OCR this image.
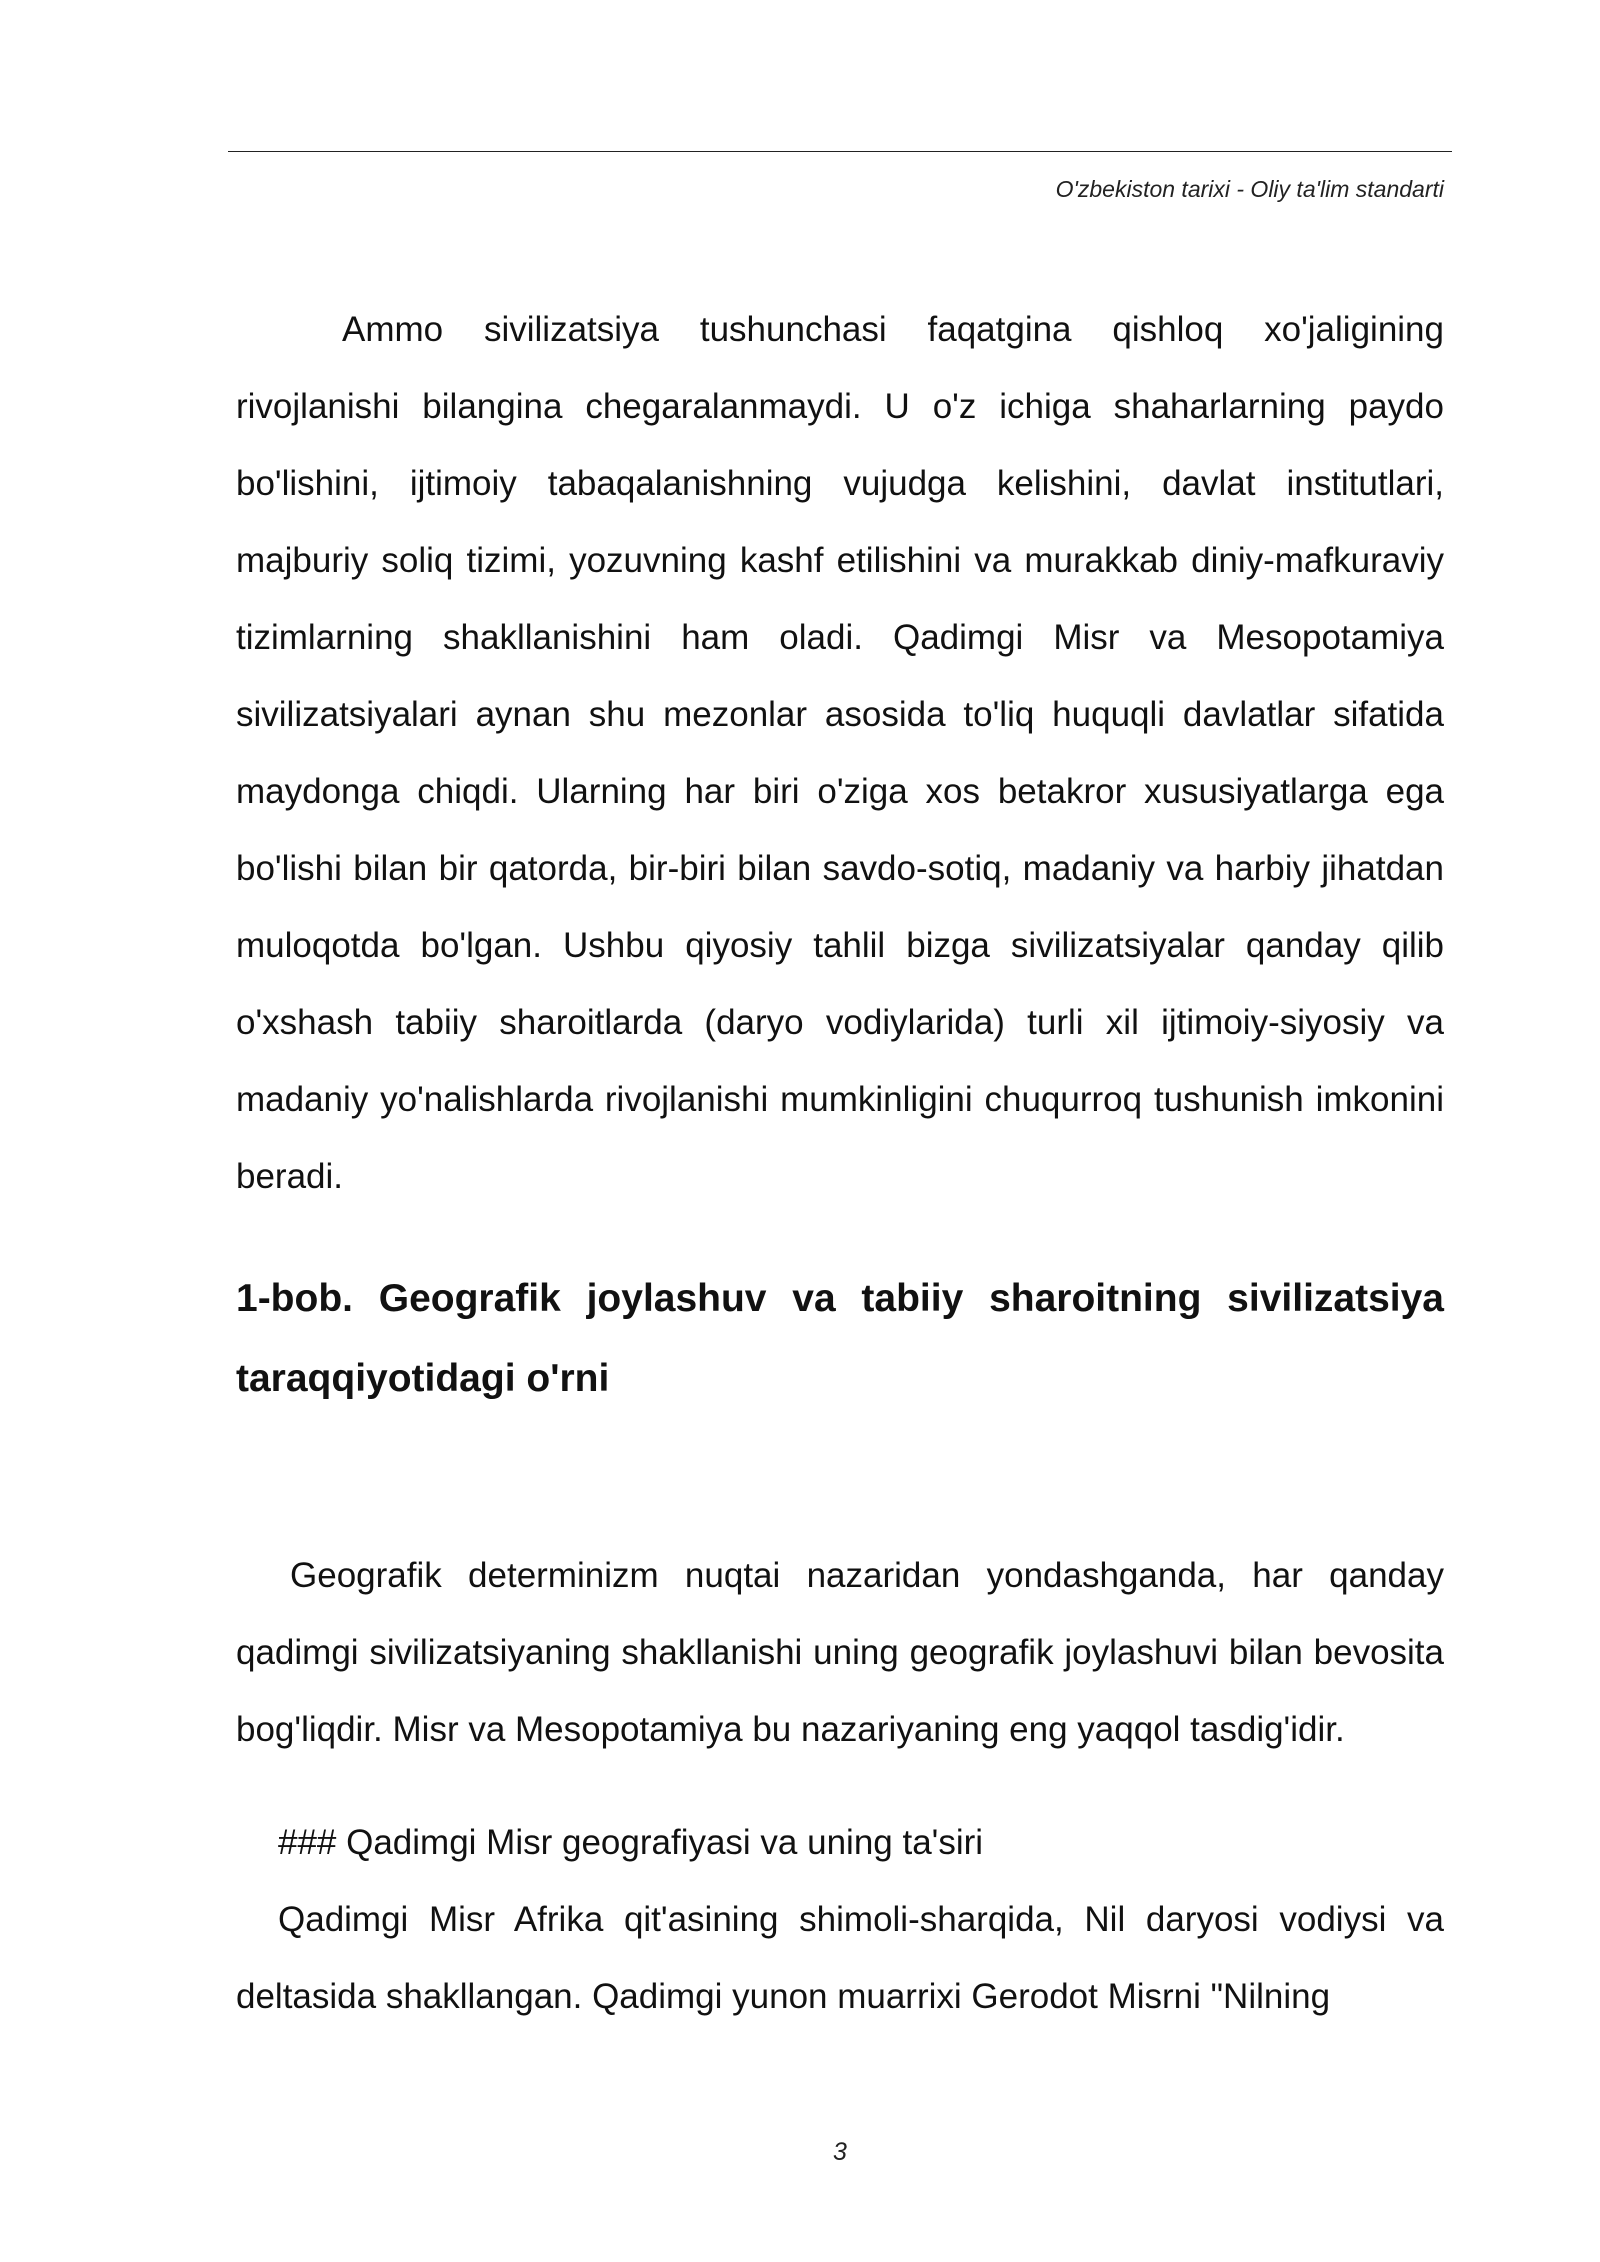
O'zbekiston tarixi - Oliy ta'lim standarti

Ammo sivilizatsiya tushunchasi faqatgina qishloq xo'jaligining rivojlanishi bilangina chegaralanmaydi. U o'z ichiga shaharlarning paydo bo'lishini, ijtimoiy tabaqalanishning vujudga kelishini, davlat institutlari, majburiy soliq tizimi, yozuvning kashf etilishini va murakkab diniy-mafkuraviy tizimlarning shakllanishini ham oladi. Qadimgi Misr va Mesopotamiya sivilizatsiyalari aynan shu mezonlar asosida to'liq huquqli davlatlar sifatida maydonga chiqdi. Ularning har biri o'ziga xos betakror xususiyatlarga ega bo'lishi bilan bir qatorda, bir-biri bilan savdo-sotiq, madaniy va harbiy jihatdan muloqotda bo'lgan. Ushbu qiyosiy tahlil bizga sivilizatsiyalar qanday qilib o'xshash tabiiy sharoitlarda (daryo vodiylarida) turli xil ijtimoiy-siyosiy va madaniy yo'nalishlarda rivojlanishi mumkinligini chuqurroq tushunish imkonini beradi.

1-bob. Geografik joylashuv va tabiiy sharoitning sivilizatsiya taraqqiyotidagi o'rni

Geografik determinizm nuqtai nazaridan yondashganda, har qanday qadimgi sivilizatsiyaning shakllanishi uning geografik joylashuvi bilan bevosita bog'liqdir. Misr va Mesopotamiya bu nazariyaning eng yaqqol tasdig'idir.

### Qadimgi Misr geografiyasi va uning ta'siri

Qadimgi Misr Afrika qit'asining shimoli-sharqida, Nil daryosi vodiysi va deltasida shakllangan. Qadimgi yunon muarrixi Gerodot Misrni "Nilning

3
